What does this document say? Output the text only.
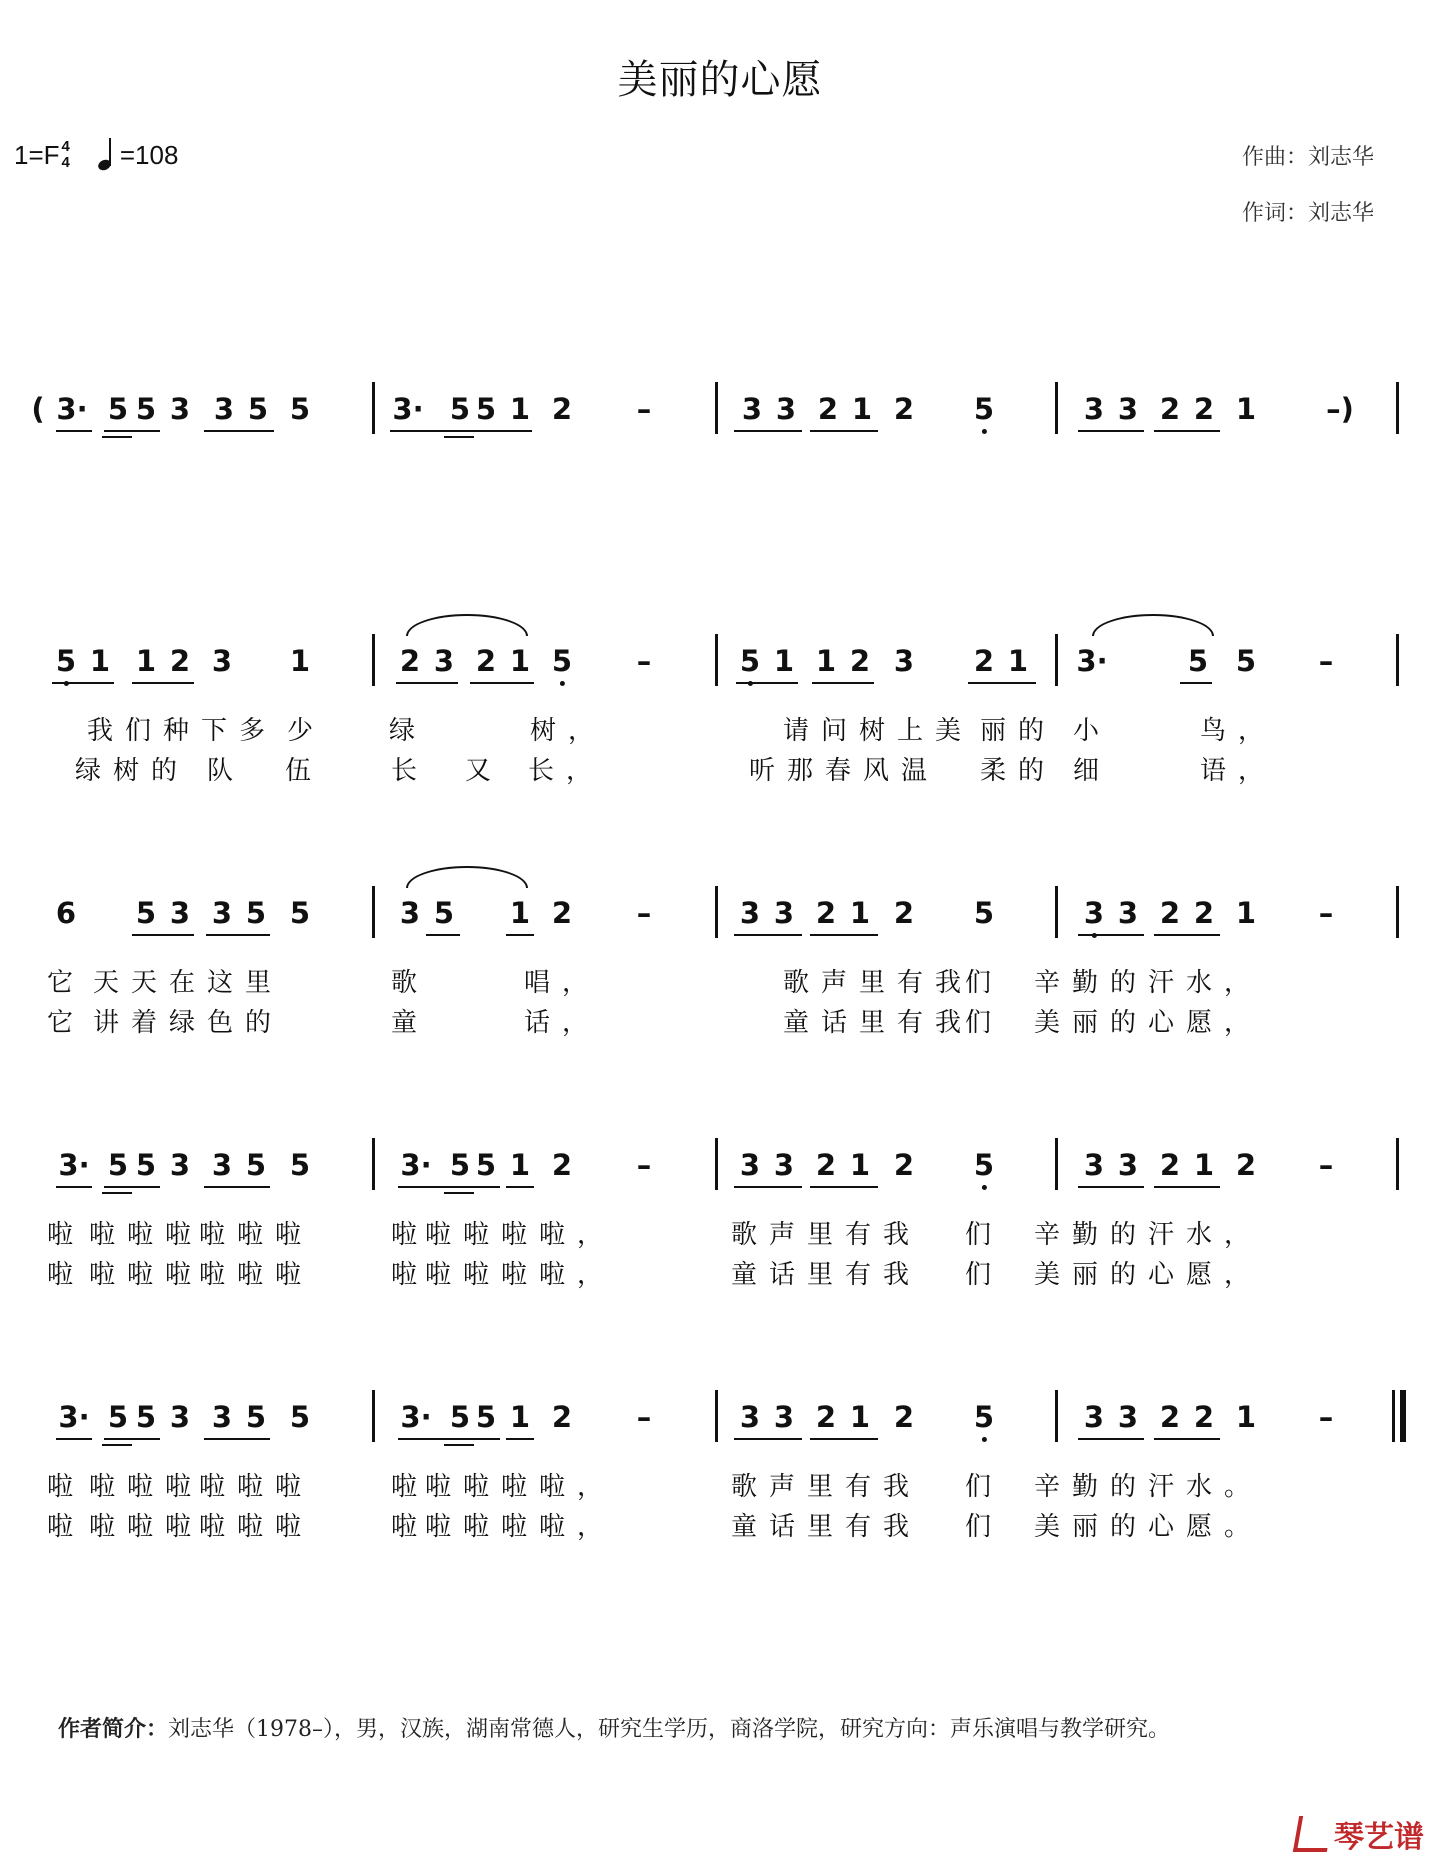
美丽的心愿
1=F 4
4 =108	作曲：刘志华
作词：刘志华
( 3· 5 5 3 3 5 5	3· 5 5 1 2 –	3 3 2 1 2 5	3 3 2 2 1 –)
5 1 1 2 3 1	2 3 2 1 5 –	5 1 1 2 3 2 1 3·	5 5 –
我们种下多 少 绿	树，	请问树上美 丽的 小	鸟，
绿树的 队 伍	长 又 长，	听那春风温 柔的 细	语，
6 5 3 3 5 5	3 5 1 2 –	3 3 2 1 2 5	3 3 2 2 1 –
它 天天在这里	歌	唱，	歌声里有我
们 辛勤的汗水，
它 讲着绿色的	童	话，	童话里有我
们 美丽的心愿，
3· 5 5 3 3 5 5	3· 5 5 1 2 –	3 3 2 1 2 5	3 3 2 1 2 –
啦 啦啦啦
啦啦啦	啦
啦啦啦啦，	歌声里有我 们 辛勤的汗水，
啦 啦啦啦
啦啦啦	啦
啦啦啦啦，	童话里有我 们 美丽的心愿，
3· 5 5 3 3 5 5	3· 5 5 1 2 –	3 3 2 1 2 5	3 3 2 2 1 –
啦 啦啦啦
啦啦啦	啦
啦啦啦啦，	歌声里有我 们 辛勤的汗水。
啦 啦啦啦
啦啦啦	啦
啦啦啦啦，	童话里有我 们 美丽的心愿。
作者简介：刘志华（1978–），男，汉族，湖南常德人，研究生学历，商洛学院，研究方向：声乐演唱与教学研究。
琴艺谱
